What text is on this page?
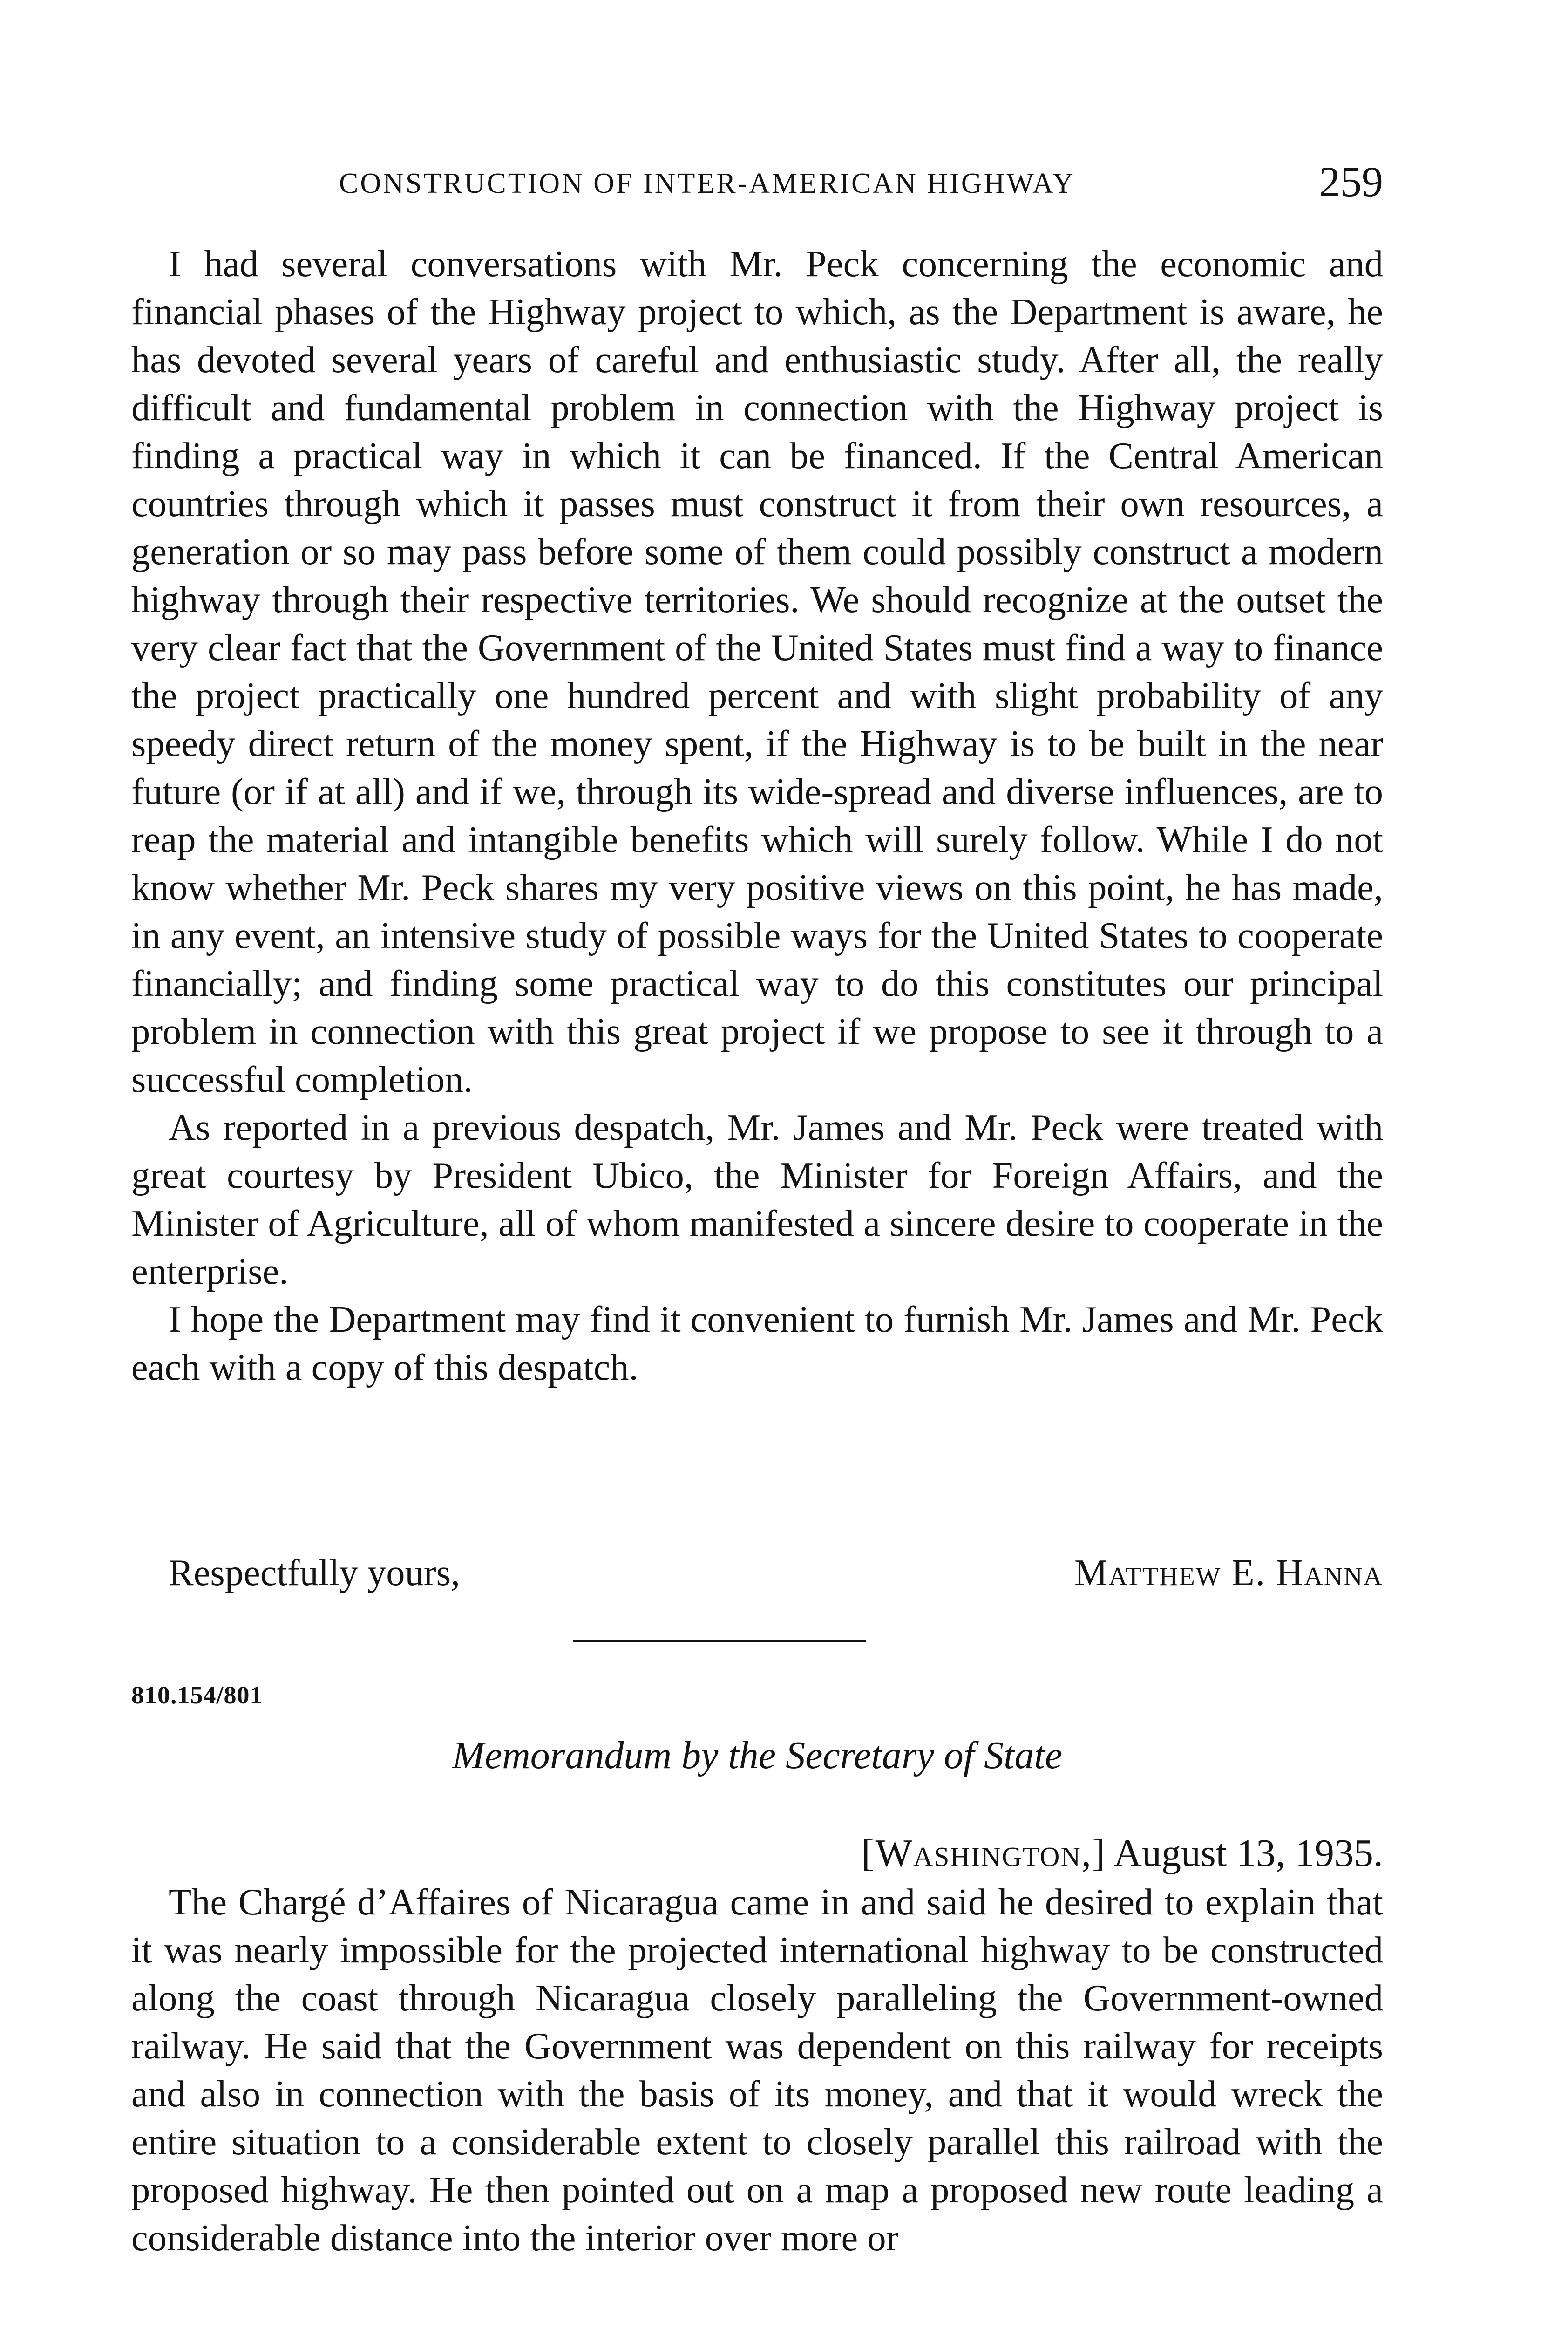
CONSTRUCTION OF INTER-AMERICAN HIGHWAY	259

I had several conversations with Mr. Peck concerning the economic and financial phases of the Highway project to which, as the Department is aware, he has devoted several years of careful and enthusiastic study. After all, the really difficult and fundamental problem in connection with the Highway project is finding a practical way in which it can be financed. If the Central American countries through which it passes must construct it from their own resources, a generation or so may pass before some of them could possibly construct a modern highway through their respective territories. We should recognize at the outset the very clear fact that the Government of the United States must find a way to finance the project practically one hundred percent and with slight probability of any speedy direct return of the money spent, if the Highway is to be built in the near future (or if at all) and if we, through its wide-spread and diverse influences, are to reap the material and intangible benefits which will surely follow. While I do not know whether Mr. Peck shares my very positive views on this point, he has made, in any event, an intensive study of possible ways for the United States to cooperate financially; and finding some practical way to do this constitutes our principal problem in connection with this great project if we propose to see it through to a successful completion.

As reported in a previous despatch, Mr. James and Mr. Peck were treated with great courtesy by President Ubico, the Minister for Foreign Affairs, and the Minister of Agriculture, all of whom manifested a sincere desire to cooperate in the enterprise.

I hope the Department may find it convenient to furnish Mr. James and Mr. Peck each with a copy of this despatch.

Respectfully yours,	Matthew E. Hanna
810.154/801
Memorandum by the Secretary of State
[Washington,] August 13, 1935.

The Chargé d’Affaires of Nicaragua came in and said he desired to explain that it was nearly impossible for the projected international highway to be constructed along the coast through Nicaragua closely paralleling the Government-owned railway. He said that the Government was dependent on this railway for receipts and also in connection with the basis of its money, and that it would wreck the entire situation to a considerable extent to closely parallel this railroad with the proposed highway. He then pointed out on a map a proposed new route leading a considerable distance into the interior over more or
